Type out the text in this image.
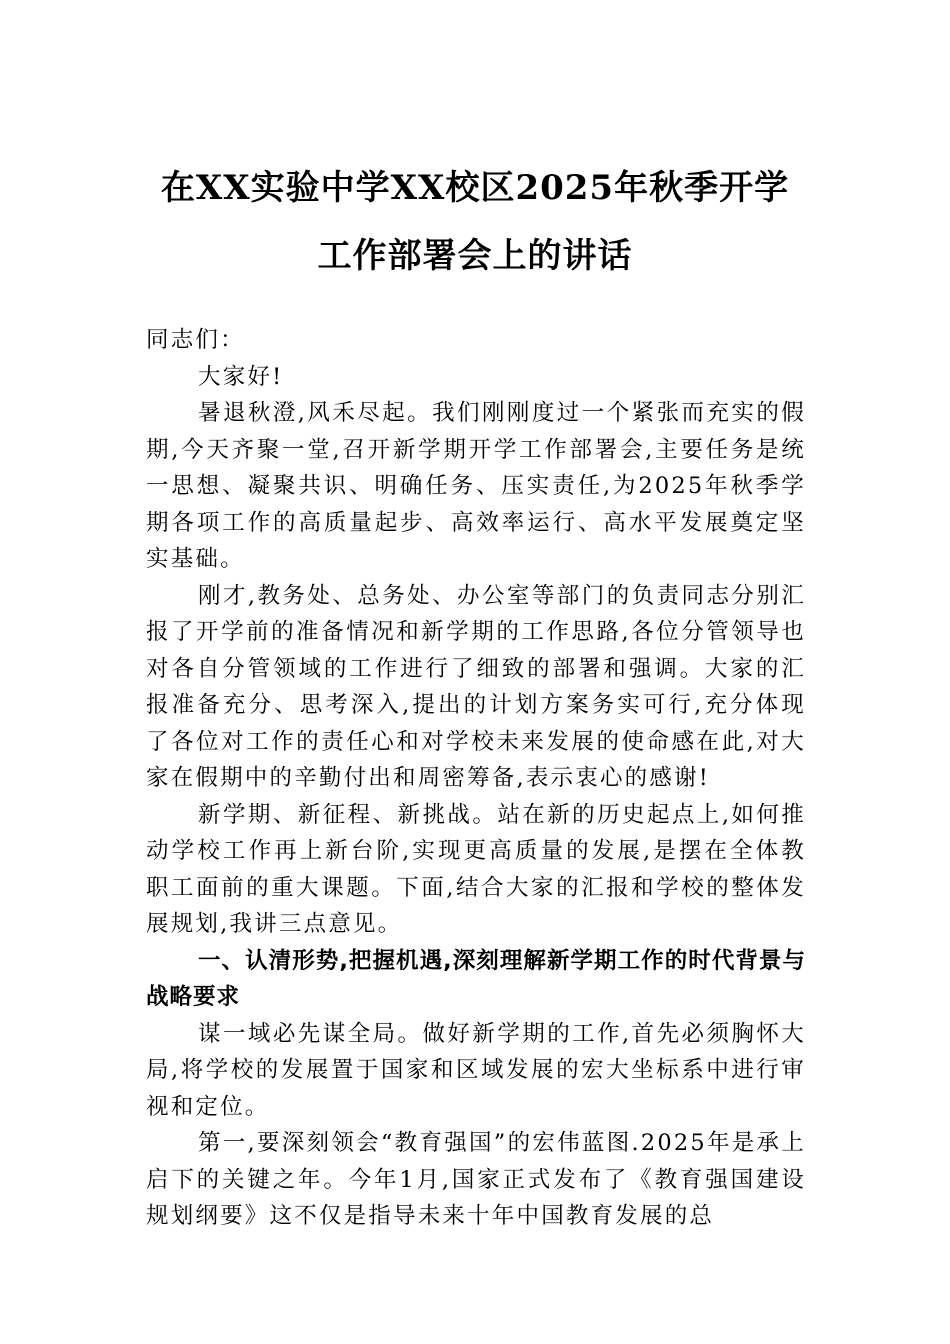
在XX实验中学XX校区2025年秋季开学
工作部署会上的讲话

同志们：

大家好!

暑退秋澄,风禾尽起。我们刚刚度过一个紧张而充实的假期,今天齐聚一堂,召开新学期开学工作部署会,主要任务是统一思想、凝聚共识、明确任务、压实责任,为2025年秋季学期各项工作的高质量起步、高效率运行、高水平发展奠定坚实基础。

刚才,教务处、总务处、办公室等部门的负责同志分别汇报了开学前的准备情况和新学期的工作思路,各位分管领导也对各自分管领域的工作进行了细致的部署和强调。大家的汇报准备充分、思考深入,提出的计划方案务实可行,充分体现了各位对工作的责任心和对学校未来发展的使命感在此,对大家在假期中的辛勤付出和周密筹备,表示衷心的感谢!

新学期、新征程、新挑战。站在新的历史起点上,如何推动学校工作再上新台阶,实现更高质量的发展,是摆在全体教职工面前的重大课题。下面,结合大家的汇报和学校的整体发展规划,我讲三点意见。

一、认清形势,把握机遇,深刻理解新学期工作的时代背景与战略要求

谋一域必先谋全局。做好新学期的工作,首先必须胸怀大局,将学校的发展置于国家和区域发展的宏大坐标系中进行审视和定位。

第一,要深刻领会“教育强国”的宏伟蓝图.2025年是承上启下的关键之年。今年1月,国家正式发布了《教育强国建设规划纲要》这不仅是指导未来十年中国教育发展的总
